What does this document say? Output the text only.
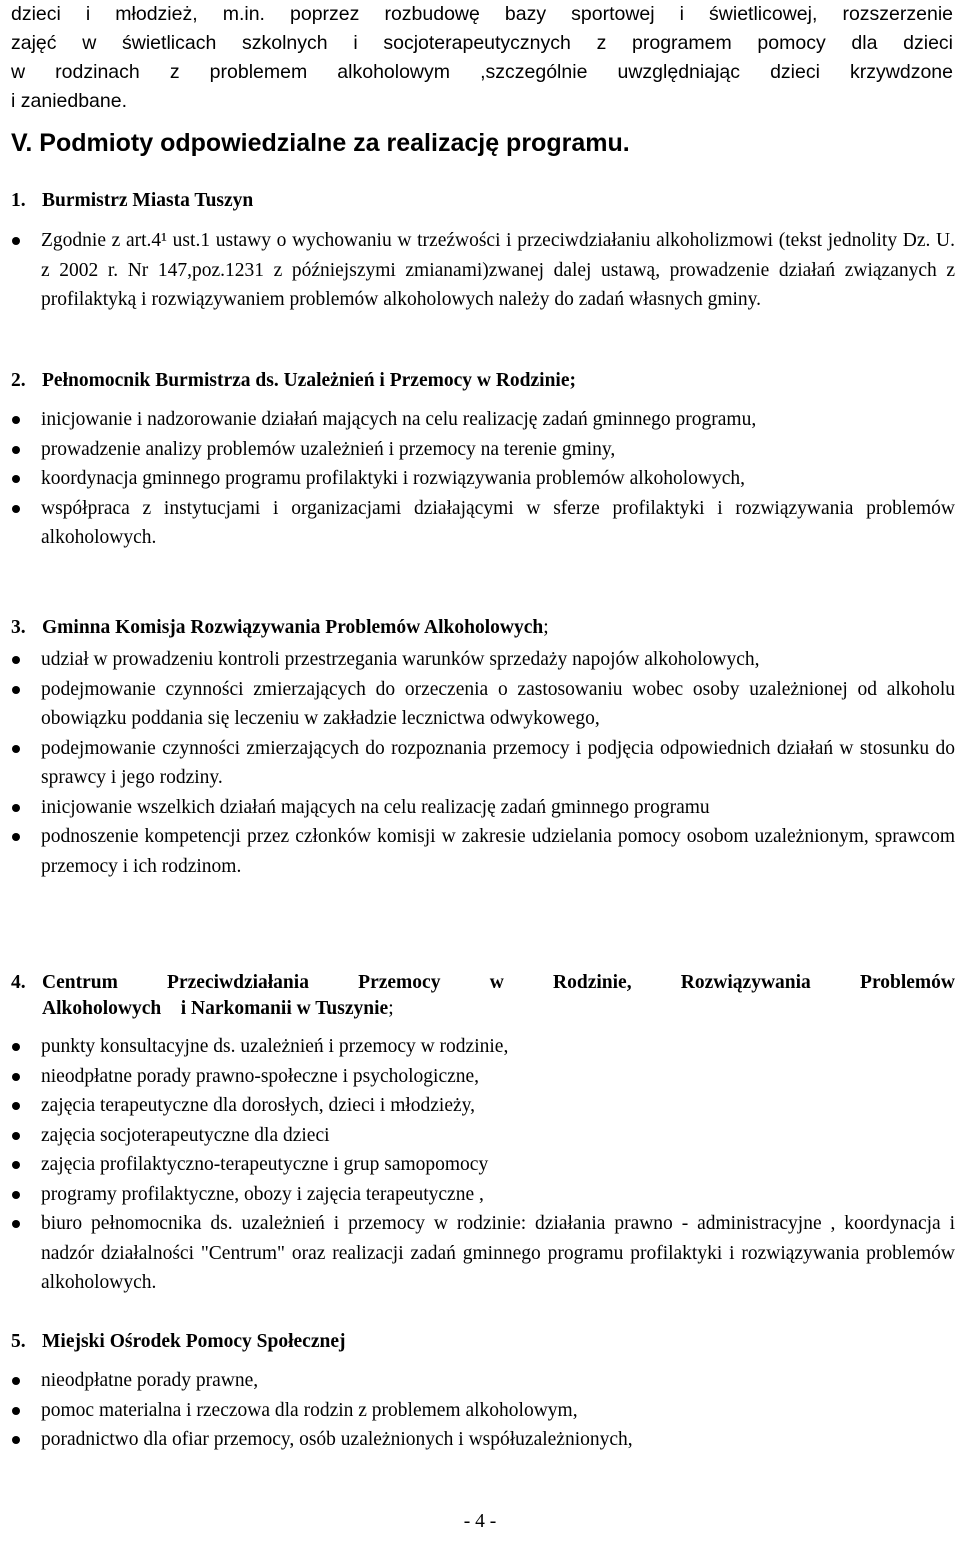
dzieci i młodzież, m.in. poprzez rozbudowę bazy sportowej i świetlicowej, rozszerzenie
zajęć w świetlicach szkolnych i socjoterapeutycznych z programem pomocy dla dzieci
w rodzinach z problemem alkoholowym ,szczególnie uwzględniając dzieci krzywdzone
i zaniedbane.
V. Podmioty odpowiedzialne za realizację programu.
1. Burmistrz Miasta Tuszyn
Zgodnie z art.4¹ ust.1 ustawy o wychowaniu w trzeźwości i przeciwdziałaniu alkoholizmowi (tekst jednolity Dz. U. z 2002 r. Nr 147,poz.1231 z późniejszymi zmianami)zwanej dalej ustawą, prowadzenie działań związanych z profilaktyką i rozwiązywaniem problemów alkoholowych należy do zadań własnych gminy.
2. Pełnomocnik Burmistrza ds. Uzależnień i Przemocy w Rodzinie;
inicjowanie i nadzorowanie działań mających na celu realizację zadań gminnego programu,
prowadzenie analizy problemów uzależnień i przemocy na terenie gminy,
koordynacja gminnego programu profilaktyki i rozwiązywania problemów alkoholowych,
współpraca z instytucjami i organizacjami działającymi w sferze profilaktyki i rozwiązywania problemów alkoholowych.
3. Gminna Komisja Rozwiązywania Problemów Alkoholowych;
udział w prowadzeniu kontroli przestrzegania warunków sprzedaży napojów alkoholowych,
podejmowanie czynności zmierzających do orzeczenia o zastosowaniu wobec osoby uzależnionej od alkoholu obowiązku poddania się leczeniu w zakładzie lecznictwa odwykowego,
podejmowanie czynności zmierzających do rozpoznania przemocy i podjęcia odpowiednich działań w stosunku do sprawcy i jego rodziny.
inicjowanie wszelkich działań mających na celu realizację zadań gminnego programu
podnoszenie kompetencji przez członków komisji w zakresie udzielania pomocy osobom uzależnionym, sprawcom przemocy i ich rodzinom.
4. Centrum Przeciwdziałania Przemocy w Rodzinie, Rozwiązywania Problemów
Alkoholowych    i Narkomanii w Tuszynie;
punkty konsultacyjne ds. uzależnień i przemocy w rodzinie,
nieodpłatne porady prawno-społeczne i psychologiczne,
zajęcia terapeutyczne dla dorosłych, dzieci i młodzieży,
zajęcia socjoterapeutyczne dla dzieci
zajęcia profilaktyczno-terapeutyczne i grup samopomocy
programy profilaktyczne, obozy i zajęcia terapeutyczne ,
biuro pełnomocnika ds. uzależnień i przemocy w rodzinie: działania prawno - administracyjne , koordynacja i nadzór działalności "Centrum" oraz realizacji zadań gminnego programu profilaktyki i rozwiązywania problemów alkoholowych.
5. Miejski Ośrodek Pomocy Społecznej
nieodpłatne porady prawne,
pomoc materialna i rzeczowa dla rodzin z problemem alkoholowym,
poradnictwo dla ofiar przemocy, osób uzależnionych i współuzależnionych,
- 4 -
